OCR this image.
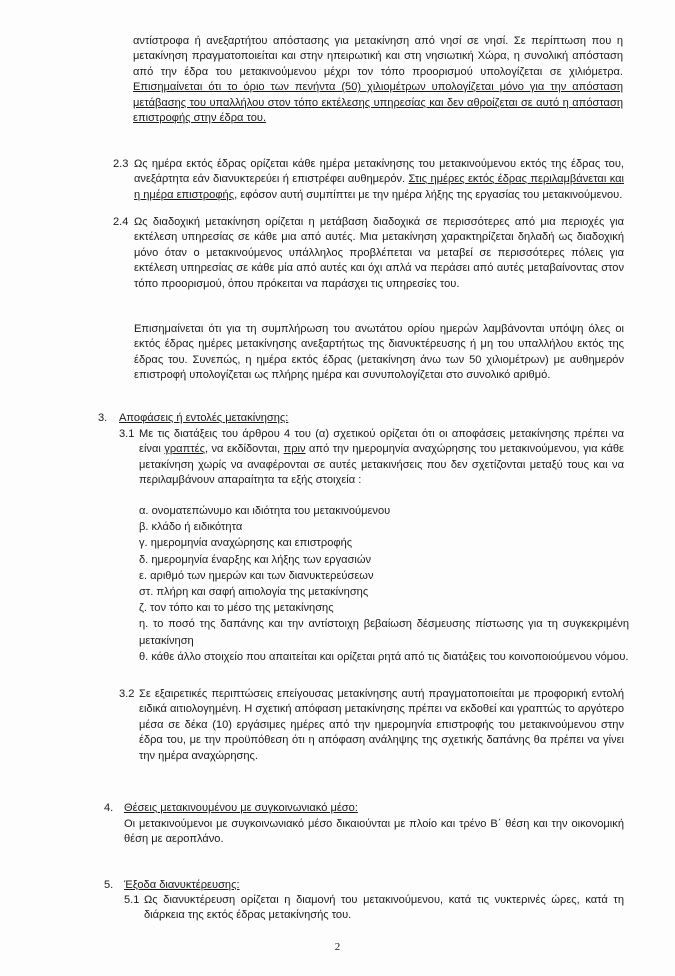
αντίστροφα ή ανεξαρτήτου απόστασης για μετακίνηση από νησί σε νησί. Σε περίπτωση που η μετακίνηση πραγματοποιείται και στην ηπειρωτική και στη νησιωτική Χώρα, η συνολική απόσταση από την έδρα του μετακινούμενου μέχρι τον τόπο προορισμού υπολογίζεται σε χιλιόμετρα. Επισημαίνεται ότι το όριο των πενήντα (50) χιλιομέτρων υπολογίζεται μόνο για την απόσταση μετάβασης του υπαλλήλου στον τόπο εκτέλεσης υπηρεσίας και δεν αθροίζεται σε αυτό η απόσταση επιστροφής στην έδρα του.

2.3 Ως ημέρα εκτός έδρας ορίζεται κάθε ημέρα μετακίνησης του μετακινούμενου εκτός της έδρας του, ανεξάρτητα εάν διανυκτερεύει ή επιστρέφει αυθημερόν. Στις ημέρες εκτός έδρας περιλαμβάνεται και η ημέρα επιστροφής, εφόσον αυτή συμπίπτει με την ημέρα λήξης της εργασίας του μετακινούμενου.

2.4 Ως διαδοχική μετακίνηση ορίζεται η μετάβαση διαδοχικά σε περισσότερες από μια περιοχές για εκτέλεση υπηρεσίας σε κάθε μια από αυτές. Μια μετακίνηση χαρακτηρίζεται δηλαδή ως διαδοχική μόνο όταν ο μετακινούμενος υπάλληλος προβλέπεται να μεταβεί σε περισσότερες πόλεις για εκτέλεση υπηρεσίας σε κάθε μία από αυτές και όχι απλά να περάσει από αυτές μεταβαίνοντας στον τόπο προορισμού, όπου πρόκειται να παράσχει τις υπηρεσίες του.
Επισημαίνεται ότι για τη συμπλήρωση του ανωτάτου ορίου ημερών λαμβάνονται υπόψη όλες οι εκτός έδρας ημέρες μετακίνησης ανεξαρτήτως της διανυκτέρευσης ή μη του υπαλλήλου εκτός της έδρας του. Συνεπώς, η ημέρα εκτός έδρας (μετακίνηση άνω των 50 χιλιομέτρων) με αυθημερόν επιστροφή υπολογίζεται ως πλήρης ημέρα και συνυπολογίζεται στο συνολικό αριθμό.
3. Αποφάσεις ή εντολές μετακίνησης:
3.1 Με τις διατάξεις του άρθρου 4 του (α) σχετικού ορίζεται ότι οι αποφάσεις μετακίνησης πρέπει να είναι γραπτές, να εκδίδονται, πριν από την ημερομηνία αναχώρησης του μετακινούμενου, για κάθε μετακίνηση χωρίς να αναφέρονται σε αυτές μετακινήσεις που δεν σχετίζονται μεταξύ τους και να περιλαμβάνουν απαραίτητα τα εξής στοιχεία :

α. ονοματεπώνυμο και ιδιότητα του μετακινούμενου

β. κλάδο ή ειδικότητα

γ. ημερομηνία αναχώρησης και επιστροφής

δ. ημερομηνία έναρξης και λήξης των εργασιών

ε. αριθμό των ημερών και των διανυκτερεύσεων

στ. πλήρη και σαφή αιτιολογία της μετακίνησης

ζ. τον τόπο και το μέσο της μετακίνησης

η. το ποσό της δαπάνης και την αντίστοιχη βεβαίωση δέσμευσης πίστωσης για τη συγκεκριμένη μετακίνηση

θ. κάθε άλλο στοιχείο που απαιτείται και ορίζεται ρητά από τις διατάξεις του κοινοποιούμενου νόμου.

3.2 Σε εξαιρετικές περιπτώσεις επείγουσας μετακίνησης αυτή πραγματοποιείται με προφορική εντολή ειδικά αιτιολογημένη. Η σχετική απόφαση μετακίνησης πρέπει να εκδοθεί και γραπτώς το αργότερο μέσα σε δέκα (10) εργάσιμες ημέρες από την ημερομηνία επιστροφής του μετακινούμενου στην έδρα του, με την προϋπόθεση ότι η απόφαση ανάληψης της σχετικής δαπάνης θα πρέπει να γίνει την ημέρα αναχώρησης.
4. Θέσεις μετακινουμένου με συγκοινωνιακό μέσο:
Οι μετακινούμενοι με συγκοινωνιακό μέσο δικαιούνται με πλοίο και τρένο Β΄ θέση και την οικονομική θέση με αεροπλάνο.
5. Έξοδα διανυκτέρευσης:
5.1 Ως διανυκτέρευση ορίζεται η διαμονή του μετακινούμενου, κατά τις νυκτερινές ώρες, κατά τη διάρκεια της εκτός έδρας μετακίνησής του.
2
